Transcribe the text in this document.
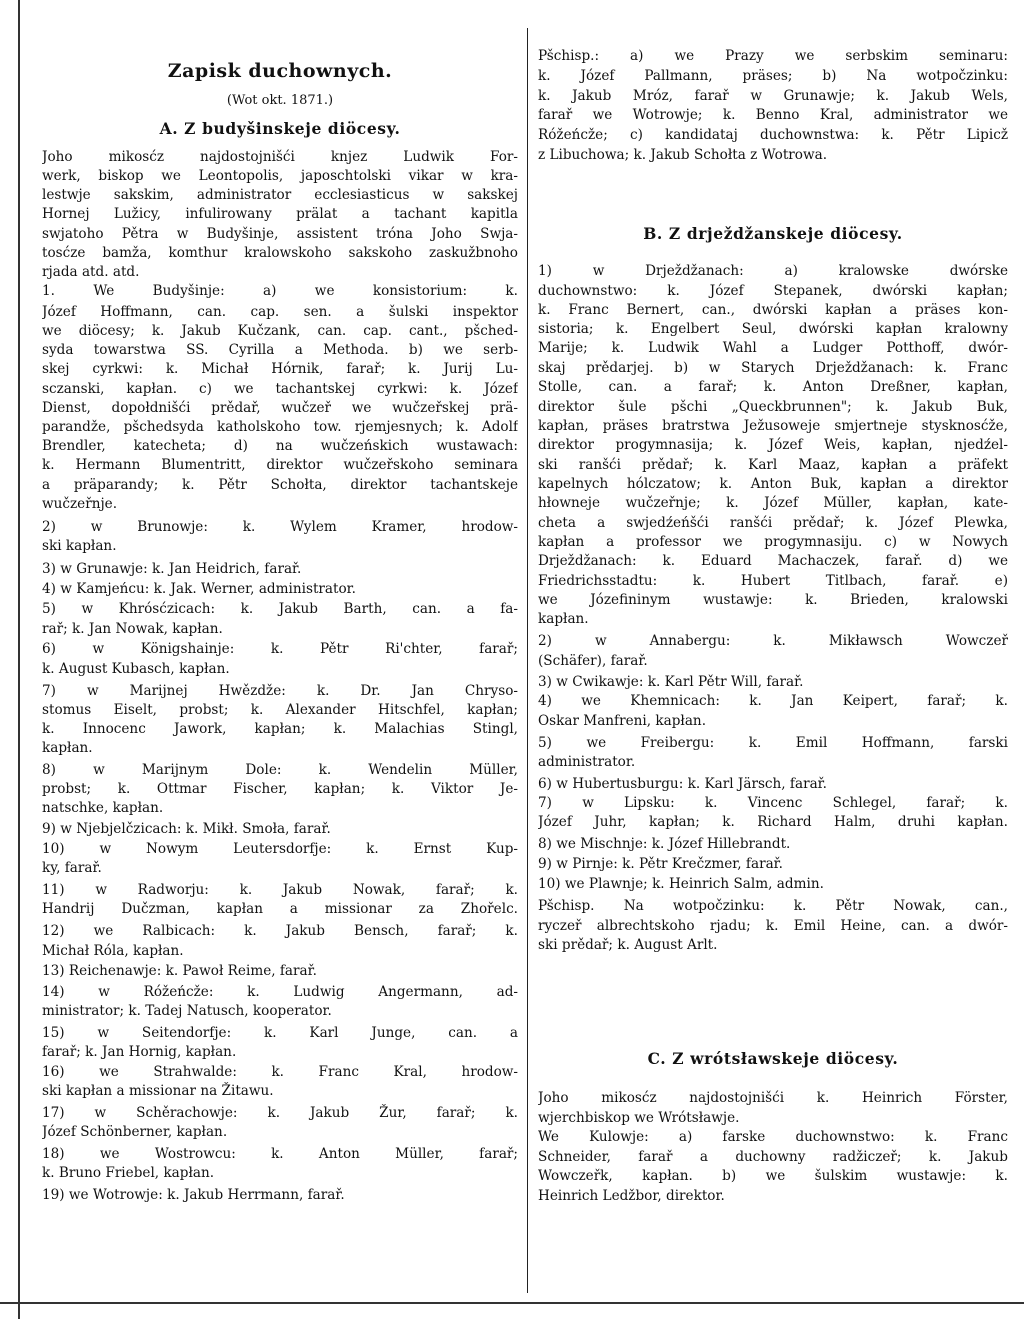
Zapisk duchownych.
(Wot okt. 1871.)
A. Z budyšinskeje diöcesy.
Joho mikosćz najdostojnišći knjez Ludwik For-
werk, biskop we Leontopolis, japoschtolski vikar w kra-
lestwje sakskim, administrator ecclesiasticus w sakskej
Hornej Lužicy, infulirowany prälat a tachant kapitla
swjatoho Pětra w Budyšinje, assistent tróna Joho Swja-
tosćze bamža, komthur kralowskoho sakskoho zaskužbnoho
rjada atd. atd.
1. We Budyšinje: a) we konsistorium: k.
Józef Hoffmann, can. cap. sen. a šulski inspektor
we diöcesy; k. Jakub Kučzank, can. cap. cant., pšched-
syda towarstwa SS. Cyrilla a Methoda. b) we serb-
skej cyrkwi: k. Michał Hórnik, farař; k. Jurij Lu-
sczanski, kapłan. c) we tachantskej cyrkwi: k. Józef
Dienst, dopołdnišći prědař, wučzeř we wučzeřskej prä-
parandže, pšchedsyda katholskoho tow. rjemjesnych; k. Adolf
Brendler, katecheta; d) na wučzeńskich wustawach:
k. Hermann Blumentritt, direktor wučzeřskoho seminara
a präparandy; k. Pětr Schołta, direktor tachantskeje
wučzeřnje.
2) w Brunowje: k. Wylem Kramer, hrodow-
ski kapłan.
3) w Grunawje: k. Jan Heidrich, farař.
4) w Kamjeńcu: k. Jak. Werner, administrator.
5) w Khrósćzicach: k. Jakub Barth, can. a fa-
rař; k. Jan Nowak, kapłan.
6) w Königshainje: k. Pětr Ri'chter, farař;
k. August Kubasch, kapłan.
7) w Marijnej Hwězdže: k. Dr. Jan Chryso-
stomus Eiselt, probst; k. Alexander Hitschfel, kapłan;
k. Innocenc Jawork, kapłan; k. Malachias Stingl,
kapłan.
8) w Marijnym Dole: k. Wendelin Müller,
probst; k. Ottmar Fischer, kapłan; k. Viktor Je-
natschke, kapłan.
9) w Njebjelčzicach: k. Mikł. Smoła, farař.
10) w Nowym Leutersdorfje: k. Ernst Kup-
ky, farař.
11) w Radworju: k. Jakub Nowak, farař; k.
Handrij Dučzman, kapłan a missionar za Zhořelc.
12) we Ralbicach: k. Jakub Bensch, farař; k.
Michał Róla, kapłan.
13) Reichenawje: k. Pawoł Reime, farař.
14) w Róžeńcže: k. Ludwig Angermann, ad-
ministrator; k. Tadej Natusch, kooperator.
15) w Seitendorfje: k. Karl Junge, can. a
farař; k. Jan Hornig, kapłan.
16) we Strahwalde: k. Franc Kral, hrodow-
ski kapłan a missionar na Žitawu.
17) w Schěrachowje: k. Jakub Žur, farař; k.
Józef Schönberner, kapłan.
18) we Wostrowcu: k. Anton Müller, farař;
k. Bruno Friebel, kapłan.
19) we Wotrowje: k. Jakub Herrmann, farař.
Pšchisp.: a) we Prazy we serbskim seminaru:
k. Józef Pallmann, präses; b) Na wotpočzinku:
k. Jakub Mróz, farař w Grunawje; k. Jakub Wels,
farař we Wotrowje; k. Benno Kral, administrator we
Róžeńcže; c) kandidataj duchownstwa: k. Pětr Lipicž
z Libuchowa; k. Jakub Schołta z Wotrowa.
B. Z drježdžanskeje diöcesy.
1) w Drježdžanach: a) kralowske dwórske
duchownstwo: k. Józef Stepanek, dwórski kapłan;
k. Franc Bernert, can., dwórski kapłan a präses kon-
sistoria; k. Engelbert Seul, dwórski kapłan kralowny
Marije; k. Ludwik Wahl a Ludger Potthoff, dwór-
skaj prědarjej. b) w Starych Drježdžanach: k. Franc
Stolle, can. a farař; k. Anton Dreßner, kapłan,
direktor šule pšchi „Queckbrunnen"; k. Jakub Buk,
kapłan, präses bratrstwa Ježusoweje smjertneje stysknosćže,
direktor progymnasija; k. Józef Weis, kapłan, njedźel-
ski ranšći prědař; k. Karl Maaz, kapłan a präfekt
kapelnych hólczatow; k. Anton Buk, kapłan a direktor
hłowneje wučzeřnje; k. Józef Müller, kapłan, kate-
cheta a swjedźeńšći ranšći prědař; k. Józef Plewka,
kapłan a professor we progymnasiju. c) w Nowych
Drježdžanach: k. Eduard Machaczek, farař. d) we
Friedrichsstadtu: k. Hubert Titlbach, farař. e)
we Józefininym wustawje: k. Brieden, kralowski
kapłan.
2) w Annabergu: k. Mikławsch Wowczeř
(Schäfer), farař.
3) w Cwikawje: k. Karl Pětr Will, farař.
4) we Khemnicach: k. Jan Keipert, farař; k.
Oskar Manfreni, kapłan.
5) we Freibergu: k. Emil Hoffmann, farski
administrator.
6) w Hubertusburgu: k. Karl Järsch, farař.
7) w Lipsku: k. Vincenc Schlegel, farař; k.
Józef Juhr, kapłan; k. Richard Halm, druhi kapłan.
8) we Mischnje: k. Józef Hillebrandt.
9) w Pirnje: k. Pětr Krečzmer, farař.
10) we Plawnje; k. Heinrich Salm, admin.
Pšchisp. Na wotpočzinku: k. Pětr Nowak, can.,
ryczeř albrechtskoho rjadu; k. Emil Heine, can. a dwór-
ski prědař; k. August Arlt.
C. Z wrótsławskeje diöcesy.
Joho mikosćz najdostojnišći k. Heinrich Förster,
wjerchbiskop we Wrótsławje.
We Kulowje: a) farske duchownstwo: k. Franc
Schneider, farař a duchowny radžiczeř; k. Jakub
Wowczeřk, kapłan. b) we šulskim wustawje: k.
Heinrich Ledžbor, direktor.
